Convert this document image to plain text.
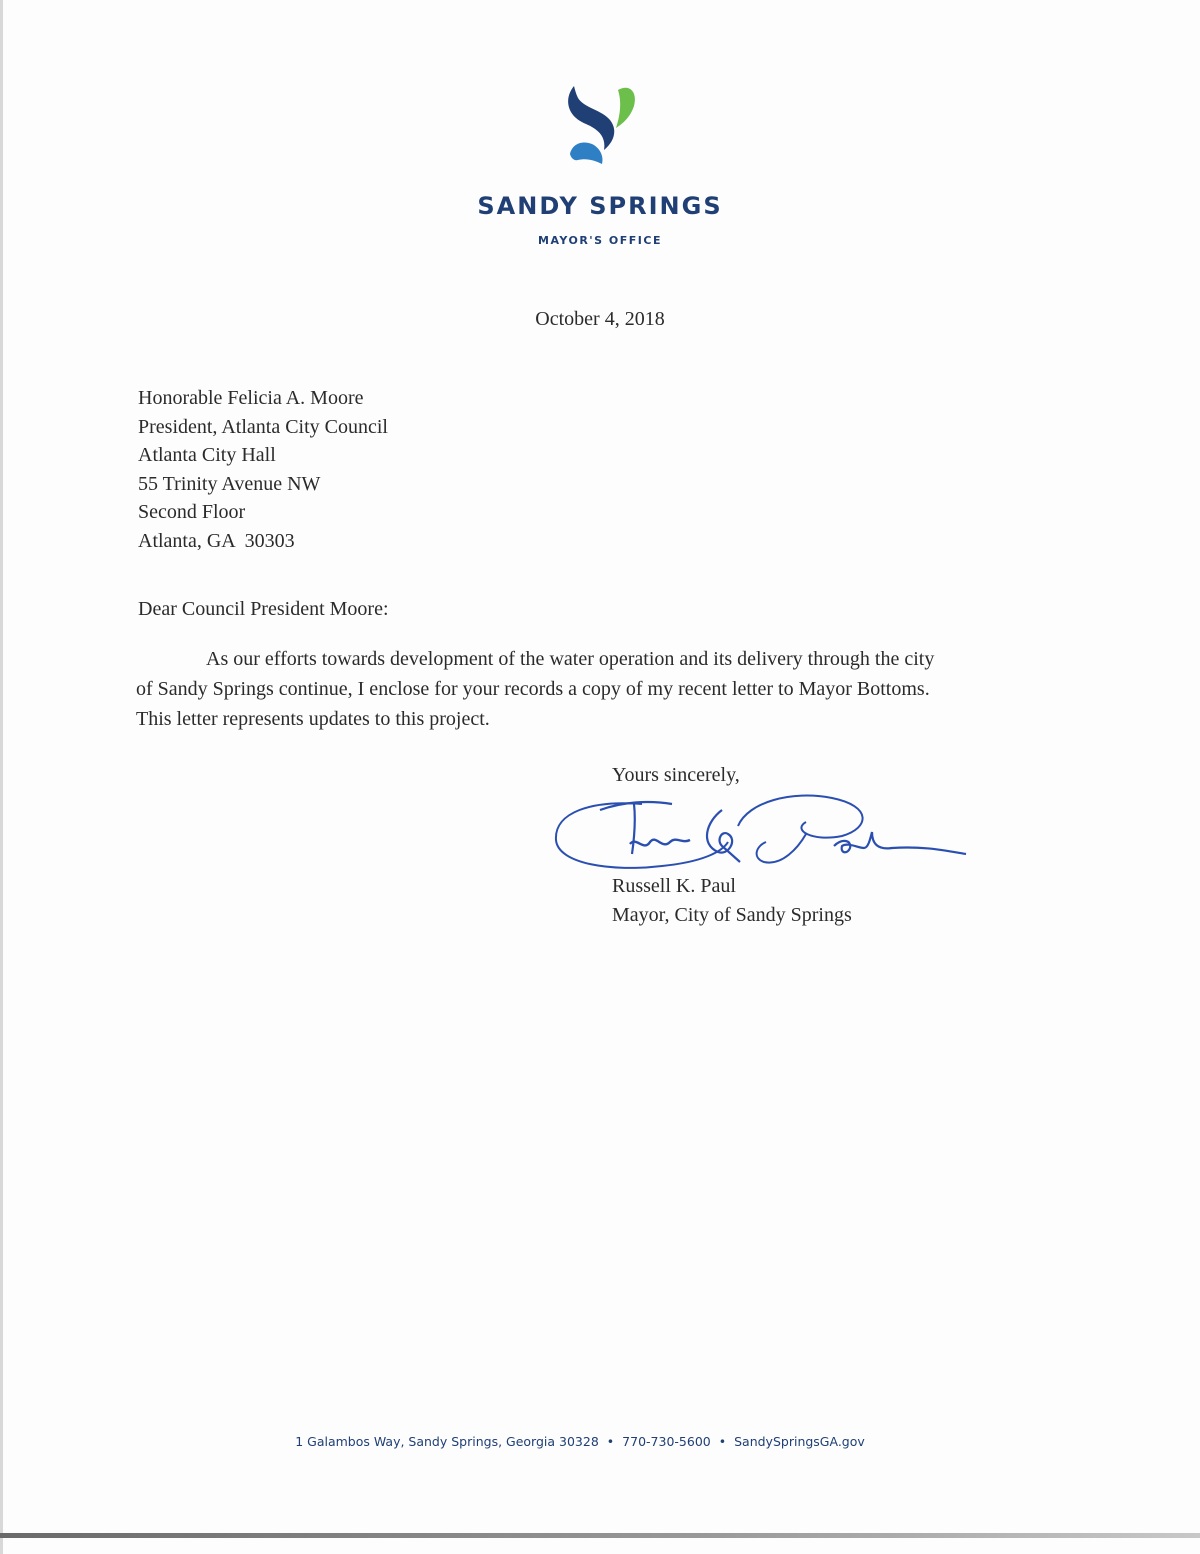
SANDY SPRINGS
MAYOR'S OFFICE
October 4, 2018
Honorable Felicia A. Moore
President, Atlanta City Council
Atlanta City Hall
55 Trinity Avenue NW
Second Floor
Atlanta, GA  30303
Dear Council President Moore:
As our efforts towards development of the water operation and its delivery through the city
of Sandy Springs continue, I enclose for your records a copy of my recent letter to Mayor Bottoms.
This letter represents updates to this project.
Yours sincerely,
Russell K. Paul
Mayor, City of Sandy Springs
1 Galambos Way, Sandy Springs, Georgia 30328 • 770-730-5600 • SandySpringsGA.gov
